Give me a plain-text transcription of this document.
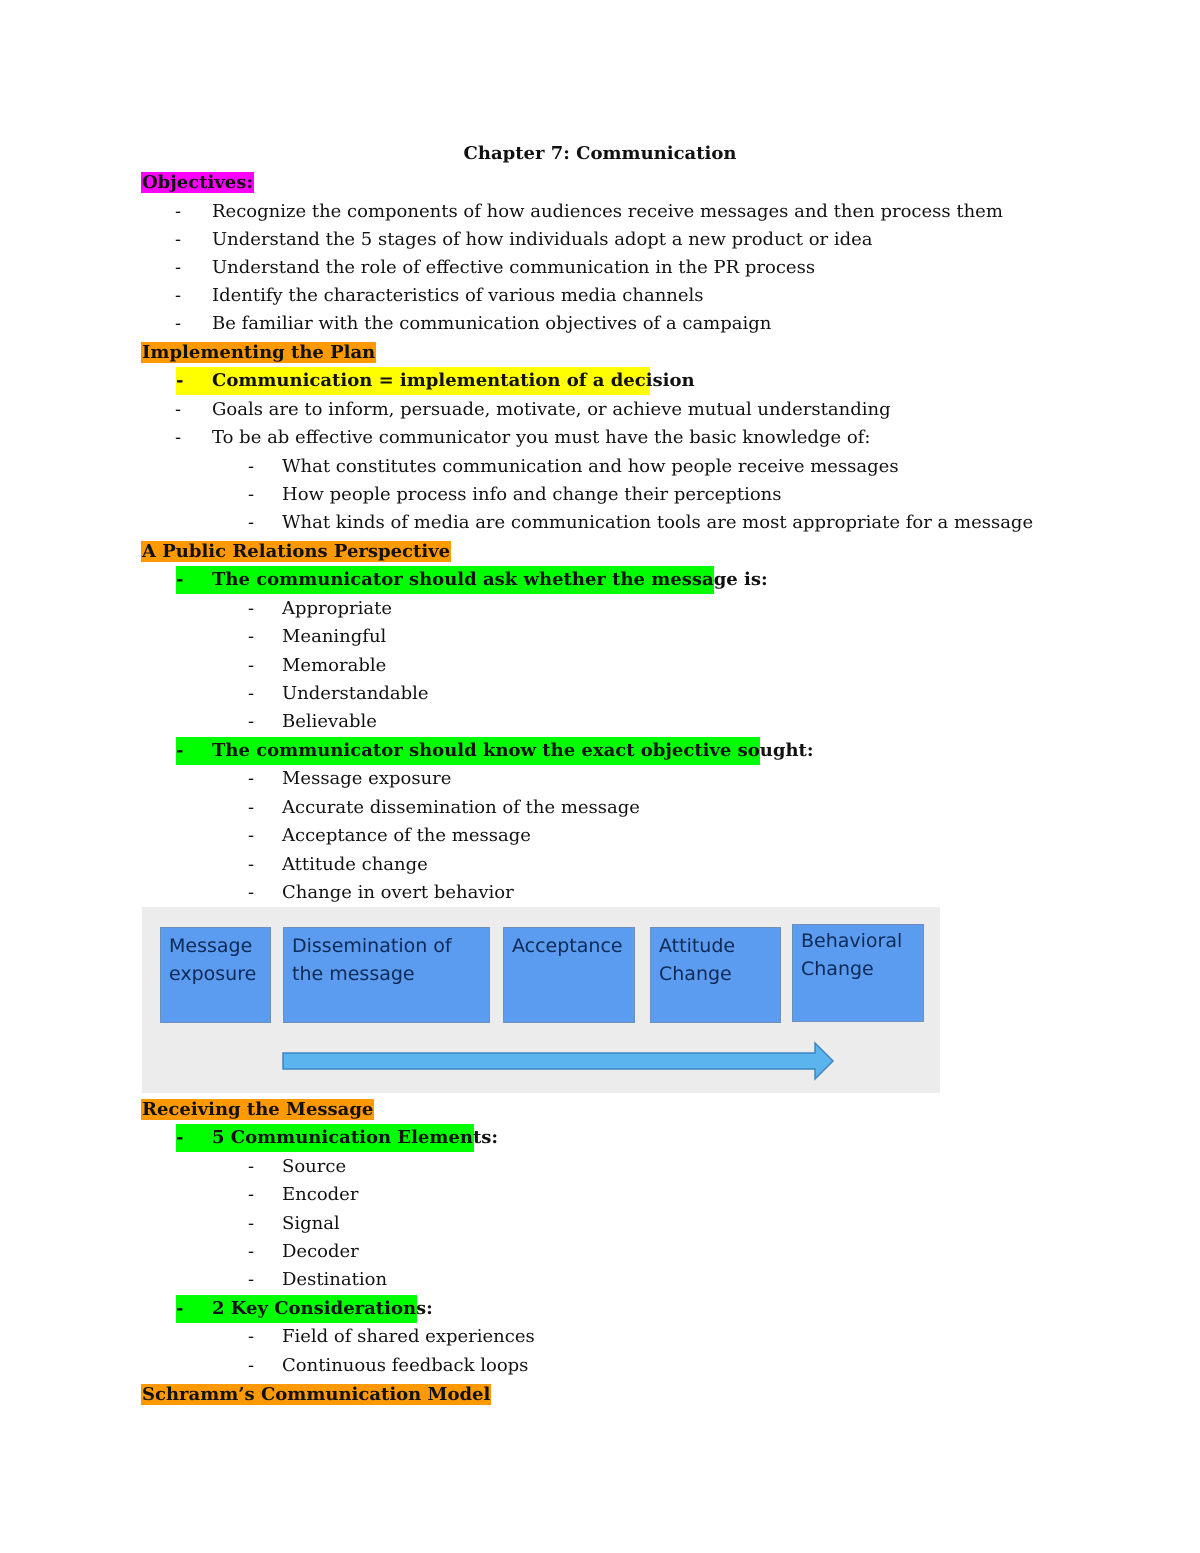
Chapter 7: Communication
Objectives:
-	Recognize the components of how audiences receive messages and then process them
-	Understand the 5 stages of how individuals adopt a new product or idea
-	Understand the role of effective communication in the PR process
-	Identify the characteristics of various media channels
-	Be familiar with the communication objectives of a campaign
Implementing the Plan
-	Communication = implementation of a decision
-	Goals are to inform, persuade, motivate, or achieve mutual understanding
-	To be ab effective communicator you must have the basic knowledge of:
-	What constitutes communication and how people receive messages
-	How people process info and change their perceptions
-	What kinds of media are communication tools are most appropriate for a message
A Public Relations Perspective
-	The communicator should ask whether the message is:
-	Appropriate
-	Meaningful
-	Memorable
-	Understandable
-	Believable
-	The communicator should know the exact objective sought:
-	Message exposure
-	Accurate dissemination of the message
-	Acceptance of the message
-	Attitude change
-	Change in overt behavior
Message
exposure
Dissemination of
the message
Acceptance Attitude
Change
Behavioral
Change
Receiving the Message
-	5 Communication Elements:
-	Source
-	Encoder
-	Signal
-	Decoder
-	Destination
-	2 Key Considerations:
-	Field of shared experiences
-	Continuous feedback loops
Schramm’s Communication Model
